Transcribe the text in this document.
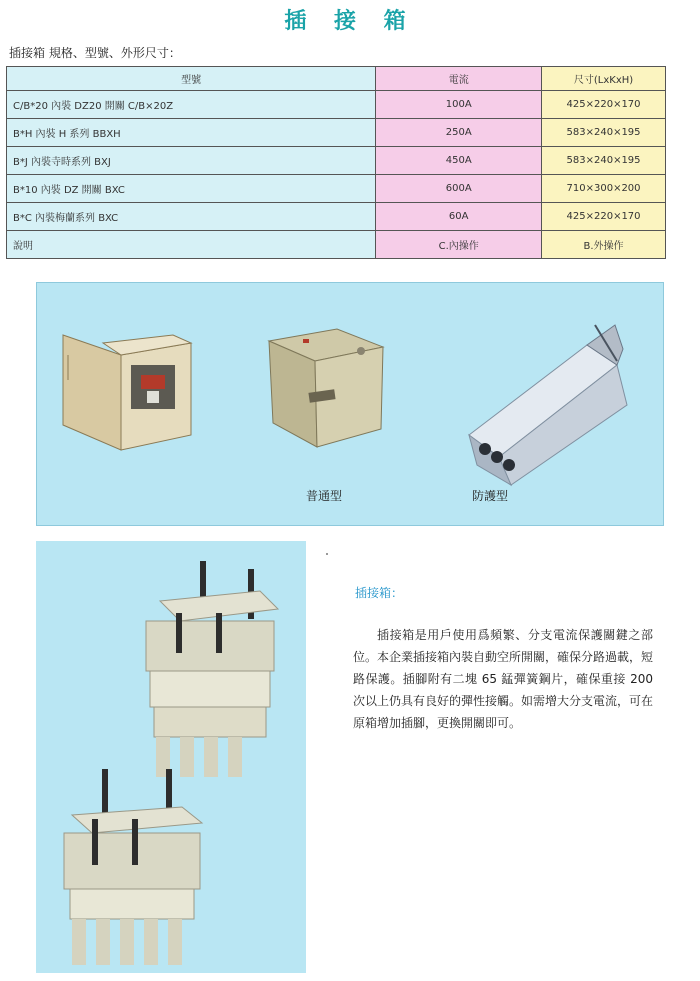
插 接 箱
插接箱 規格、型號、外形尺寸：
型號	電流	尺寸(LxKxH)
C/B*20 內裝 DZ20 開關 C/B×20Z	100A	425×220×170
B*H 內裝 H 系列 BBXH	250A	583×240×195
B*J 內裝寺時系列 BXJ	450A	583×240×195
B*10 內裝 DZ 開關 BXC	600A	710×300×200
B*C 內裝梅蘭系列 BXC	60A	425×220×170
說明	C.內操作	B.外操作
普通型	防護型
插接箱：
插接箱是用戶使用爲頻繁、分支電流保護關鍵之部位。本企業插接箱內裝自動空所開關，確保分路過載，短路保護。插腳附有二塊 65 錳彈簧鋼片，確保重接 200 次以上仍具有良好的彈性接觸。如需增大分支電流，可在原箱增加插腳，更換開關即可。
